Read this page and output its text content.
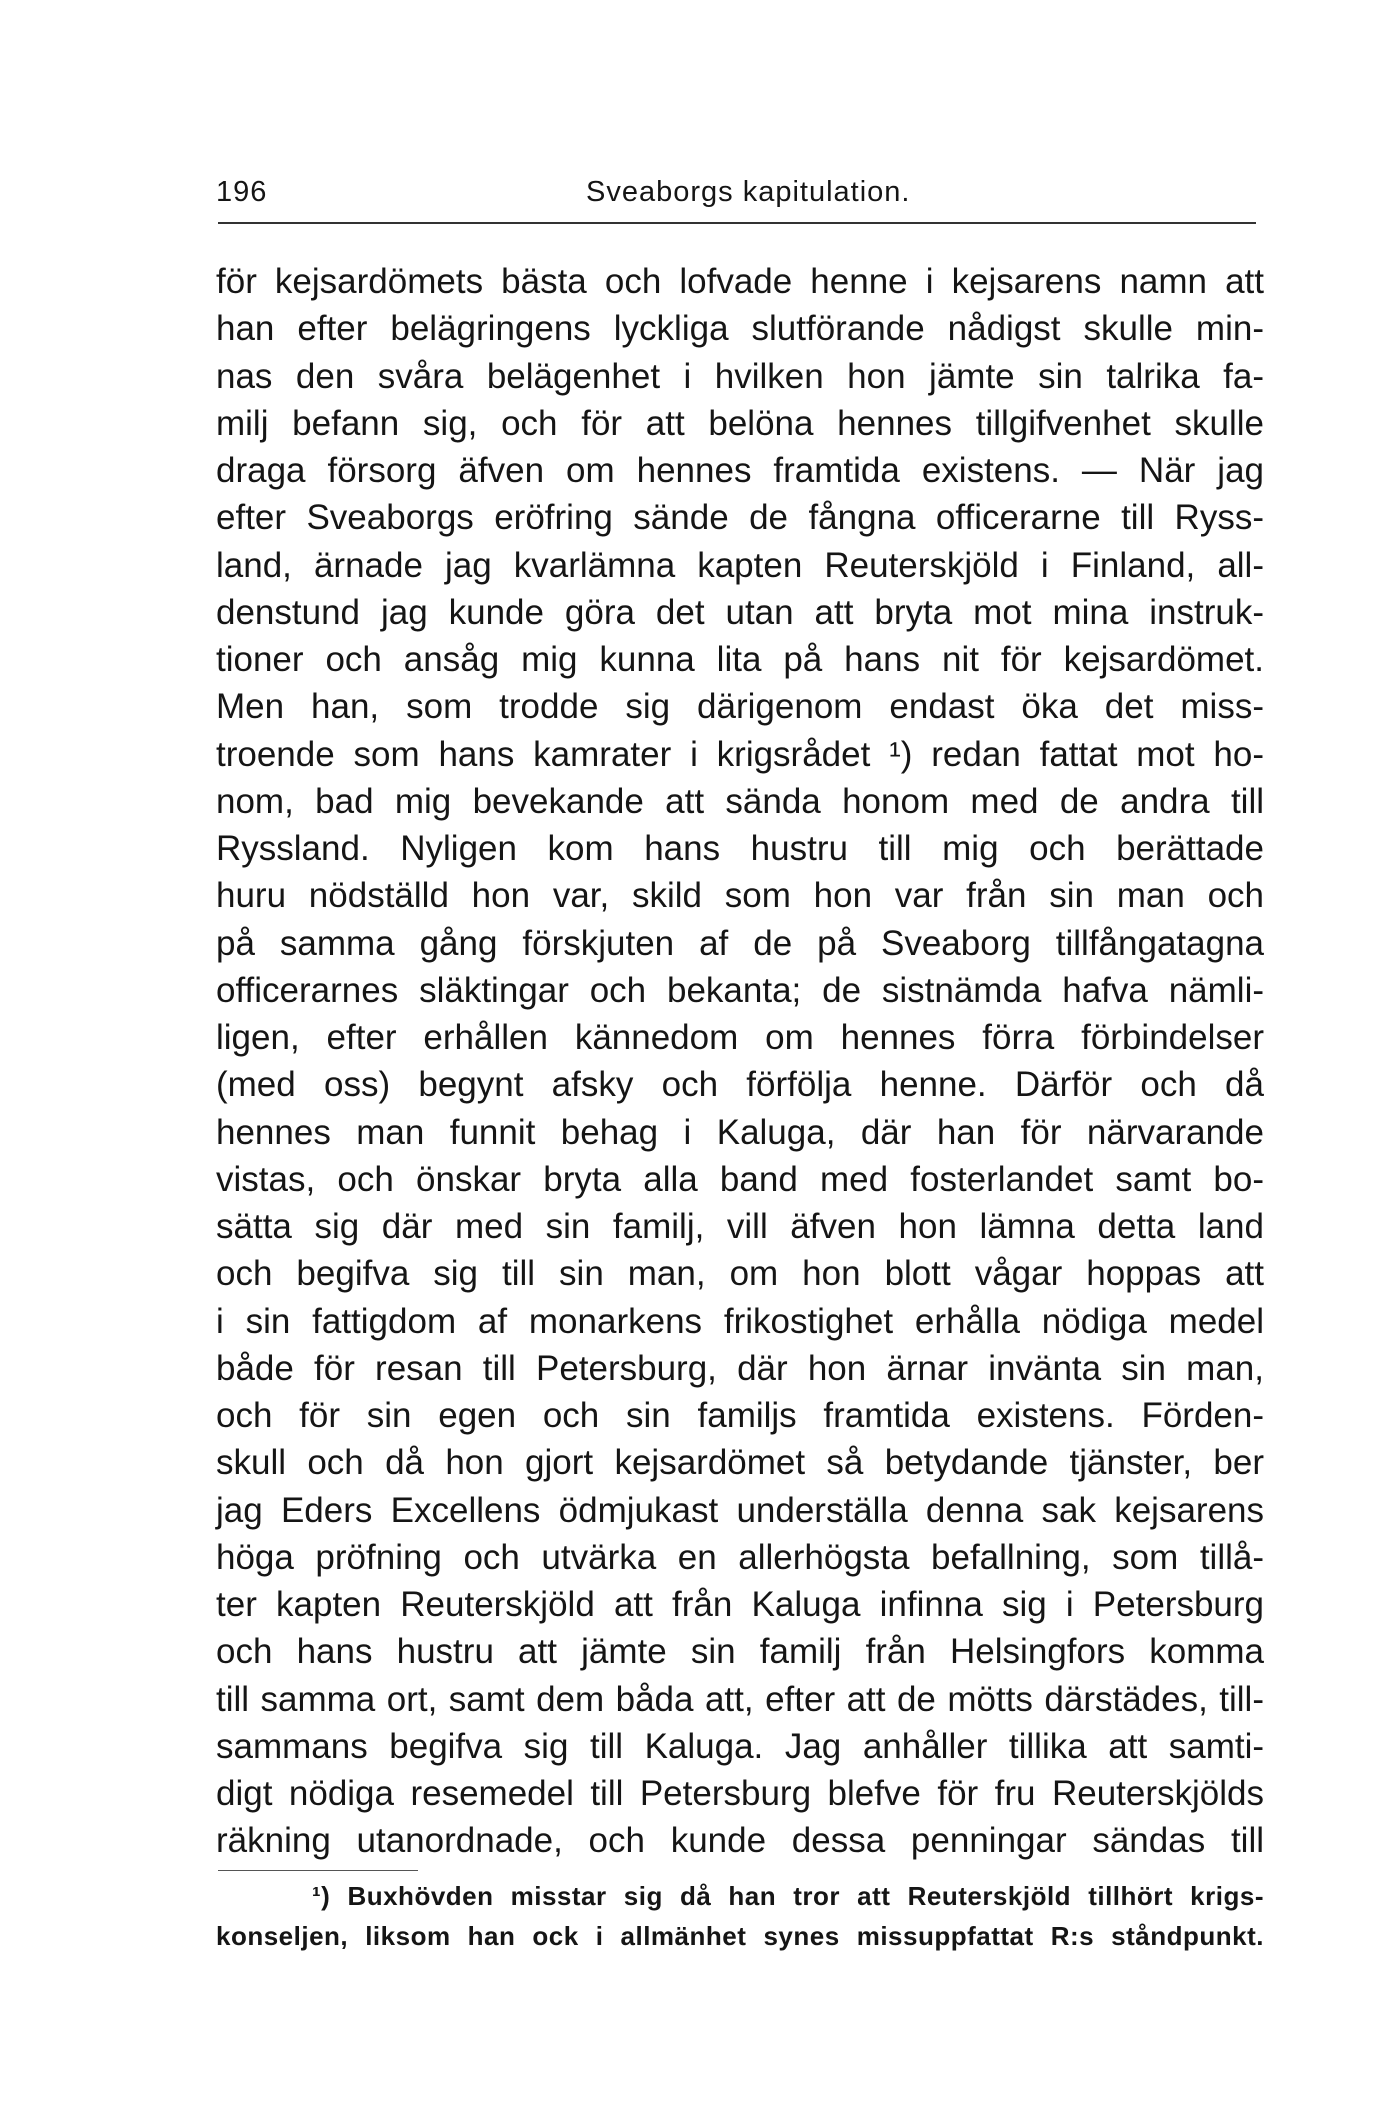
196	Sveaborgs kapitulation.
för kejsardömets bästa och lofvade henne i kejsarens namn att
han efter belägringens lyckliga slutförande nådigst skulle min-
nas den svåra belägenhet i hvilken hon jämte sin talrika fa-
milj befann sig, och för att belöna hennes tillgifvenhet skulle
draga försorg äfven om hennes framtida existens. — När jag
efter Sveaborgs eröfring sände de fångna officerarne till Ryss-
land, ärnade jag kvarlämna kapten Reuterskjöld i Finland, all-
denstund jag kunde göra det utan att bryta mot mina instruk-
tioner och ansåg mig kunna lita på hans nit för kejsardömet.
Men han, som trodde sig därigenom endast öka det miss-
troende som hans kamrater i krigsrådet ¹) redan fattat mot ho-
nom, bad mig bevekande att sända honom med de andra till
Ryssland. Nyligen kom hans hustru till mig och berättade
huru nödställd hon var, skild som hon var från sin man och
på samma gång förskjuten af de på Sveaborg tillfångatagna
officerarnes släktingar och bekanta; de sistnämda hafva nämli-
ligen, efter erhållen kännedom om hennes förra förbindelser
(med oss) begynt afsky och förfölja henne. Därför och då
hennes man funnit behag i Kaluga, där han för närvarande
vistas, och önskar bryta alla band med fosterlandet samt bo-
sätta sig där med sin familj, vill äfven hon lämna detta land
och begifva sig till sin man, om hon blott vågar hoppas att
i sin fattigdom af monarkens frikostighet erhålla nödiga medel
både för resan till Petersburg, där hon ärnar invänta sin man,
och för sin egen och sin familjs framtida existens. Förden-
skull och då hon gjort kejsardömet så betydande tjänster, ber
jag Eders Excellens ödmjukast underställa denna sak kejsarens
höga pröfning och utvärka en allerhögsta befallning, som tillå-
ter kapten Reuterskjöld att från Kaluga infinna sig i Petersburg
och hans hustru att jämte sin familj från Helsingfors komma
till samma ort, samt dem båda att, efter att de mötts därstädes, till-
sammans begifva sig till Kaluga. Jag anhåller tillika att samti-
digt nödiga resemedel till Petersburg blefve för fru Reuterskjölds
räkning utanordnade, och kunde dessa penningar sändas till
¹) Buxhövden misstar sig då han tror att Reuterskjöld tillhört krigs-
konseljen, liksom han ock i allmänhet synes missuppfattat R:s ståndpunkt.
